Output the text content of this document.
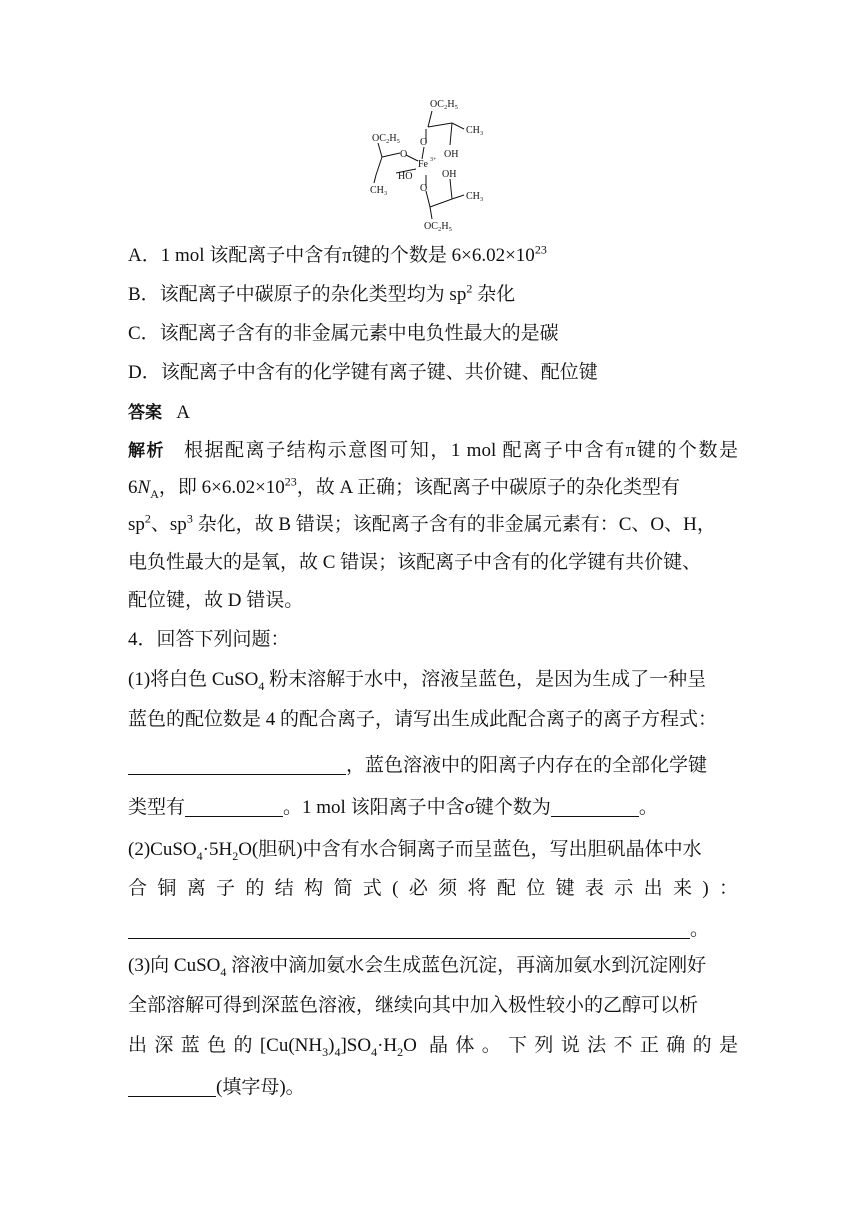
OC₂H₅
CH₃
OC₂H₅ O
O	OH
Fe 3+
HO	OH
CH₃	O
CH₃
OC₂H₅
A．1 mol 该配离子中含有π键的个数是 $6\times 6.02\times 10^{23}$
B．该配离子中碳原子的杂化类型均为 $sp^2$ 杂化
C．该配离子含有的非金属元素中电负性最大的是碳
D．该配离子中含有的化学键有离子键、共价键、配位键
答案 A
解析 根据配离子结构示意图可知，1 mol 配离子中含有π键的个数是
$6N_A$，即 $6\times 6.02\times 10^{23}$，故 A 正确；该配离子中碳原子的杂化类型有
$sp^2$、$sp^3$ 杂化，故 B 错误；该配离子含有的非金属元素有：C、O、H，
电负性最大的是氧，故 C 错误；该配离子中含有的化学键有共价键、
配位键，故 D 错误。
4．回答下列问题：
(1)将白色 CuSO$_4$ 粉末溶解于水中，溶液呈蓝色，是因为生成了一种呈
蓝色的配位数是 4 的配合离子，请写出生成此配合离子的离子方程式：
，蓝色溶液中的阳离子内存在的全部化学键
类型有	。1 mol 该阳离子中含σ键个数为	。
$(2)CuSO_4\cdot 5H_2O$(胆矾)中含有水合铜离子而呈蓝色，写出胆矾晶体中水
合铜离子的结构简式(必须将配位键表示出来)：
。
(3)向 CuSO$_4$ 溶液中滴加氨水会生成蓝色沉淀，再滴加氨水到沉淀刚好
全部溶解可得到深蓝色溶液，继续向其中加入极性较小的乙醇可以析
出深蓝色的$[Cu(NH_3)_4]SO_4\cdot H_2O$ 晶体。下列说法不正确的是
(填字母)。
